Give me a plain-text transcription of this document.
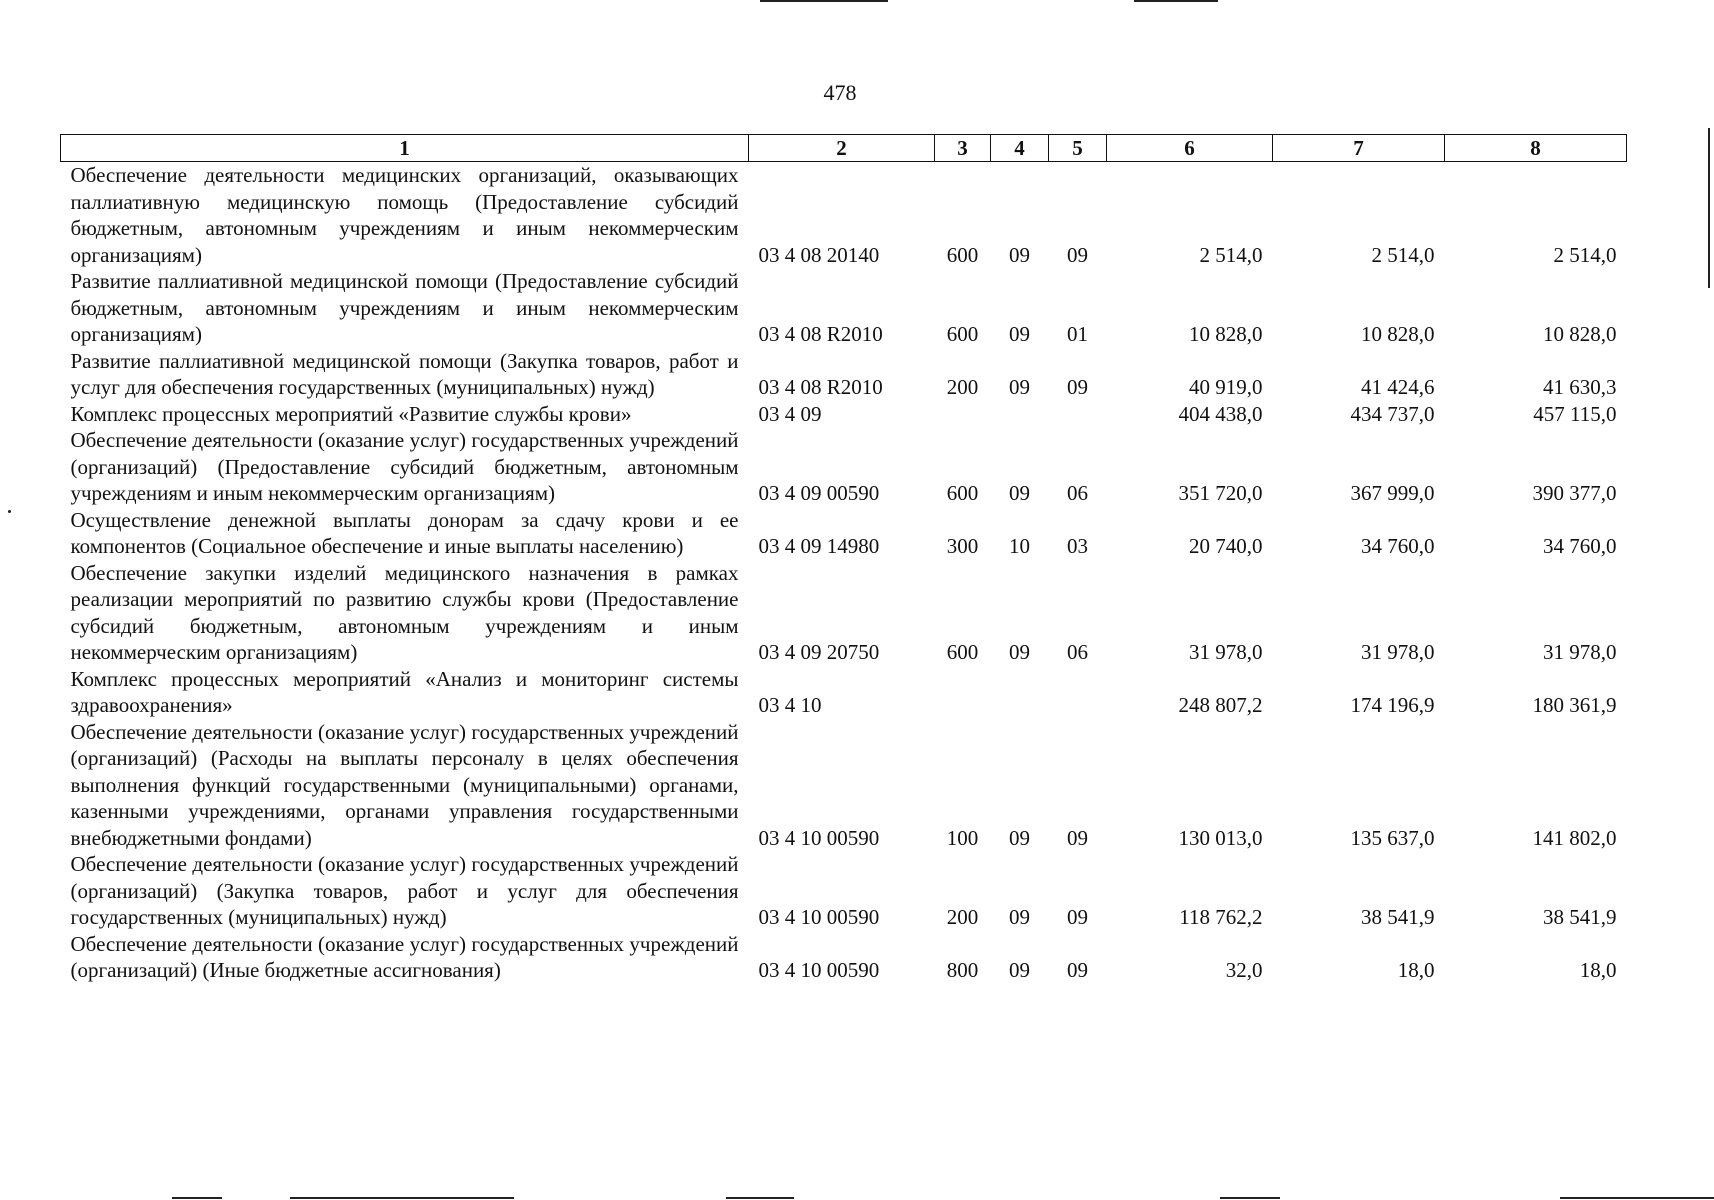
478
1	2	3	4	5	6	7	8
Обеспечение деятельности медицинских организаций, оказывающих паллиативную медицинскую помощь (Предоставление субсидий бюджетным, автономным учреждениям и иным некоммерческим организациям)	03 4 08 20140	600	09	09	2 514,0	2 514,0	2 514,0
Развитие паллиативной медицинской помощи (Предоставление субсидий бюджетным, автономным учреждениям и иным некоммерческим организациям)	03 4 08 R2010	600	09	01	10 828,0	10 828,0	10 828,0
Развитие паллиативной медицинской помощи (Закупка товаров, работ и услуг для обеспечения государственных (муниципальных) нужд)	03 4 08 R2010	200	09	09	40 919,0	41 424,6	41 630,3
Комплекс процессных мероприятий «Развитие службы крови»	03 4 09				404 438,0	434 737,0	457 115,0
Обеспечение деятельности (оказание услуг) государственных учреждений (организаций) (Предоставление субсидий бюджетным, автономным учреждениям и иным некоммерческим организациям)	03 4 09 00590	600	09	06	351 720,0	367 999,0	390 377,0
Осуществление денежной выплаты донорам за сдачу крови и ее компонентов (Социальное обеспечение и иные выплаты населению)	03 4 09 14980	300	10	03	20 740,0	34 760,0	34 760,0
Обеспечение закупки изделий медицинского назначения в рамках реализации мероприятий по развитию службы крови (Предоставление субсидий бюджетным, автономным учреждениям и иным некоммерческим организациям)	03 4 09 20750	600	09	06	31 978,0	31 978,0	31 978,0
Комплекс процессных мероприятий «Анализ и мониторинг системы здравоохранения»	03 4 10				248 807,2	174 196,9	180 361,9
Обеспечение деятельности (оказание услуг) государственных учреждений (организаций) (Расходы на выплаты персоналу в целях обеспечения выполнения функций государственными (муниципальными) органами, казенными учреждениями, органами управления государственными внебюджетными фондами)	03 4 10 00590	100	09	09	130 013,0	135 637,0	141 802,0
Обеспечение деятельности (оказание услуг) государственных учреждений (организаций) (Закупка товаров, работ и услуг для обеспечения государственных (муниципальных) нужд)	03 4 10 00590	200	09	09	118 762,2	38 541,9	38 541,9
Обеспечение деятельности (оказание услуг) государственных учреждений (организаций) (Иные бюджетные ассигнования)	03 4 10 00590	800	09	09	32,0	18,0	18,0
